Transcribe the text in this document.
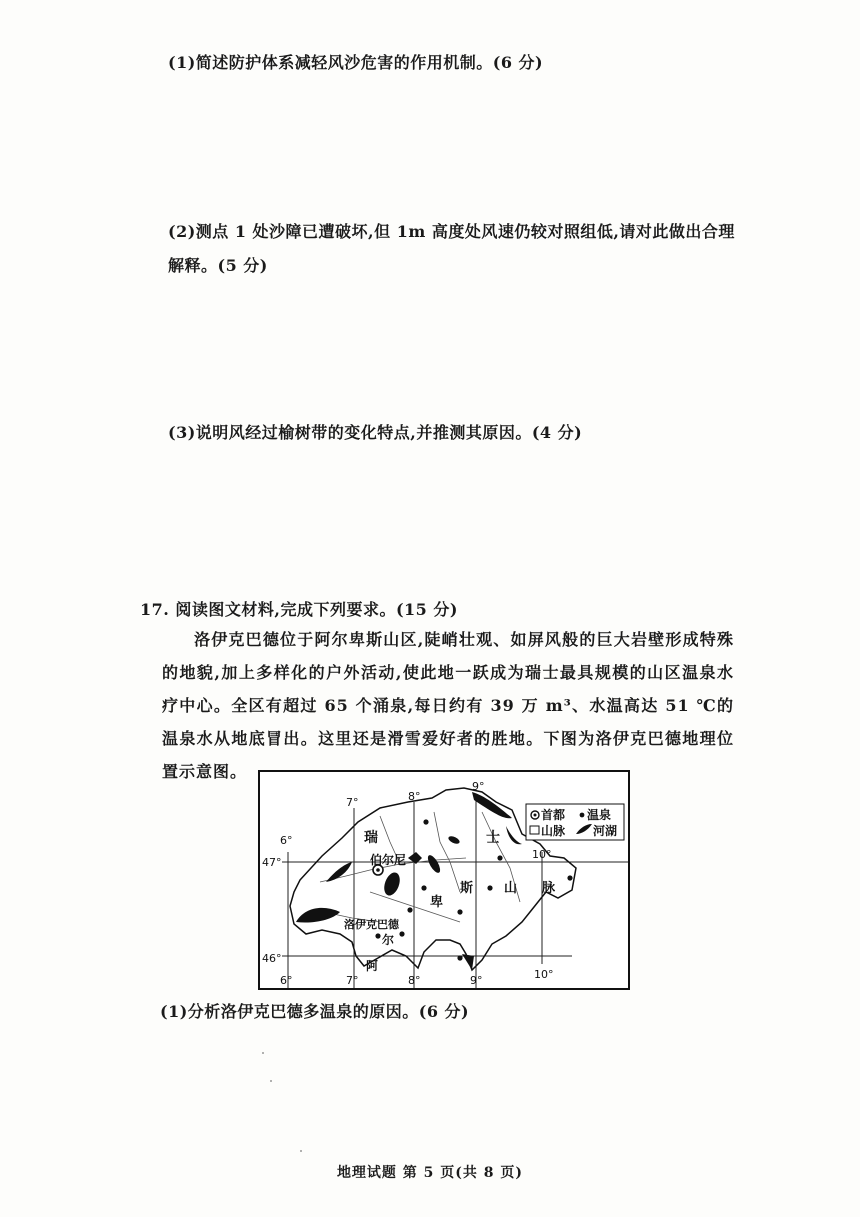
(1)简述防护体系减轻风沙危害的作用机制。(6 分)
(2)测点 1 处沙障已遭破坏,但 1m 高度处风速仍较对照组低,请对此做出合理解释。(5 分)
(3)说明风经过榆树带的变化特点,并推测其原因。(4 分)
17. 阅读图文材料,完成下列要求。(15 分)
洛伊克巴德位于阿尔卑斯山区,陡峭壮观、如屏风般的巨大岩壁形成特殊的地貌,加上多样化的户外活动,使此地一跃成为瑞士最具规模的山区温泉水疗中心。全区有超过 65 个涌泉,每日约有 39 万 m³、水温高达 51 ℃的温泉水从地底冒出。这里还是滑雪爱好者的胜地。下图为洛伊克巴德地理位置示意图。
首都 温泉
山脉 河湖
瑞	士
伯尔尼
洛伊克巴德
尔
卑
斯 山 脉
阿
7°	8°
9°
6°
10°
47°
46°
6°	7°	8°	9°	10°
(1)分析洛伊克巴德多温泉的原因。(6 分)
地理试题 第 5 页(共 8 页)
